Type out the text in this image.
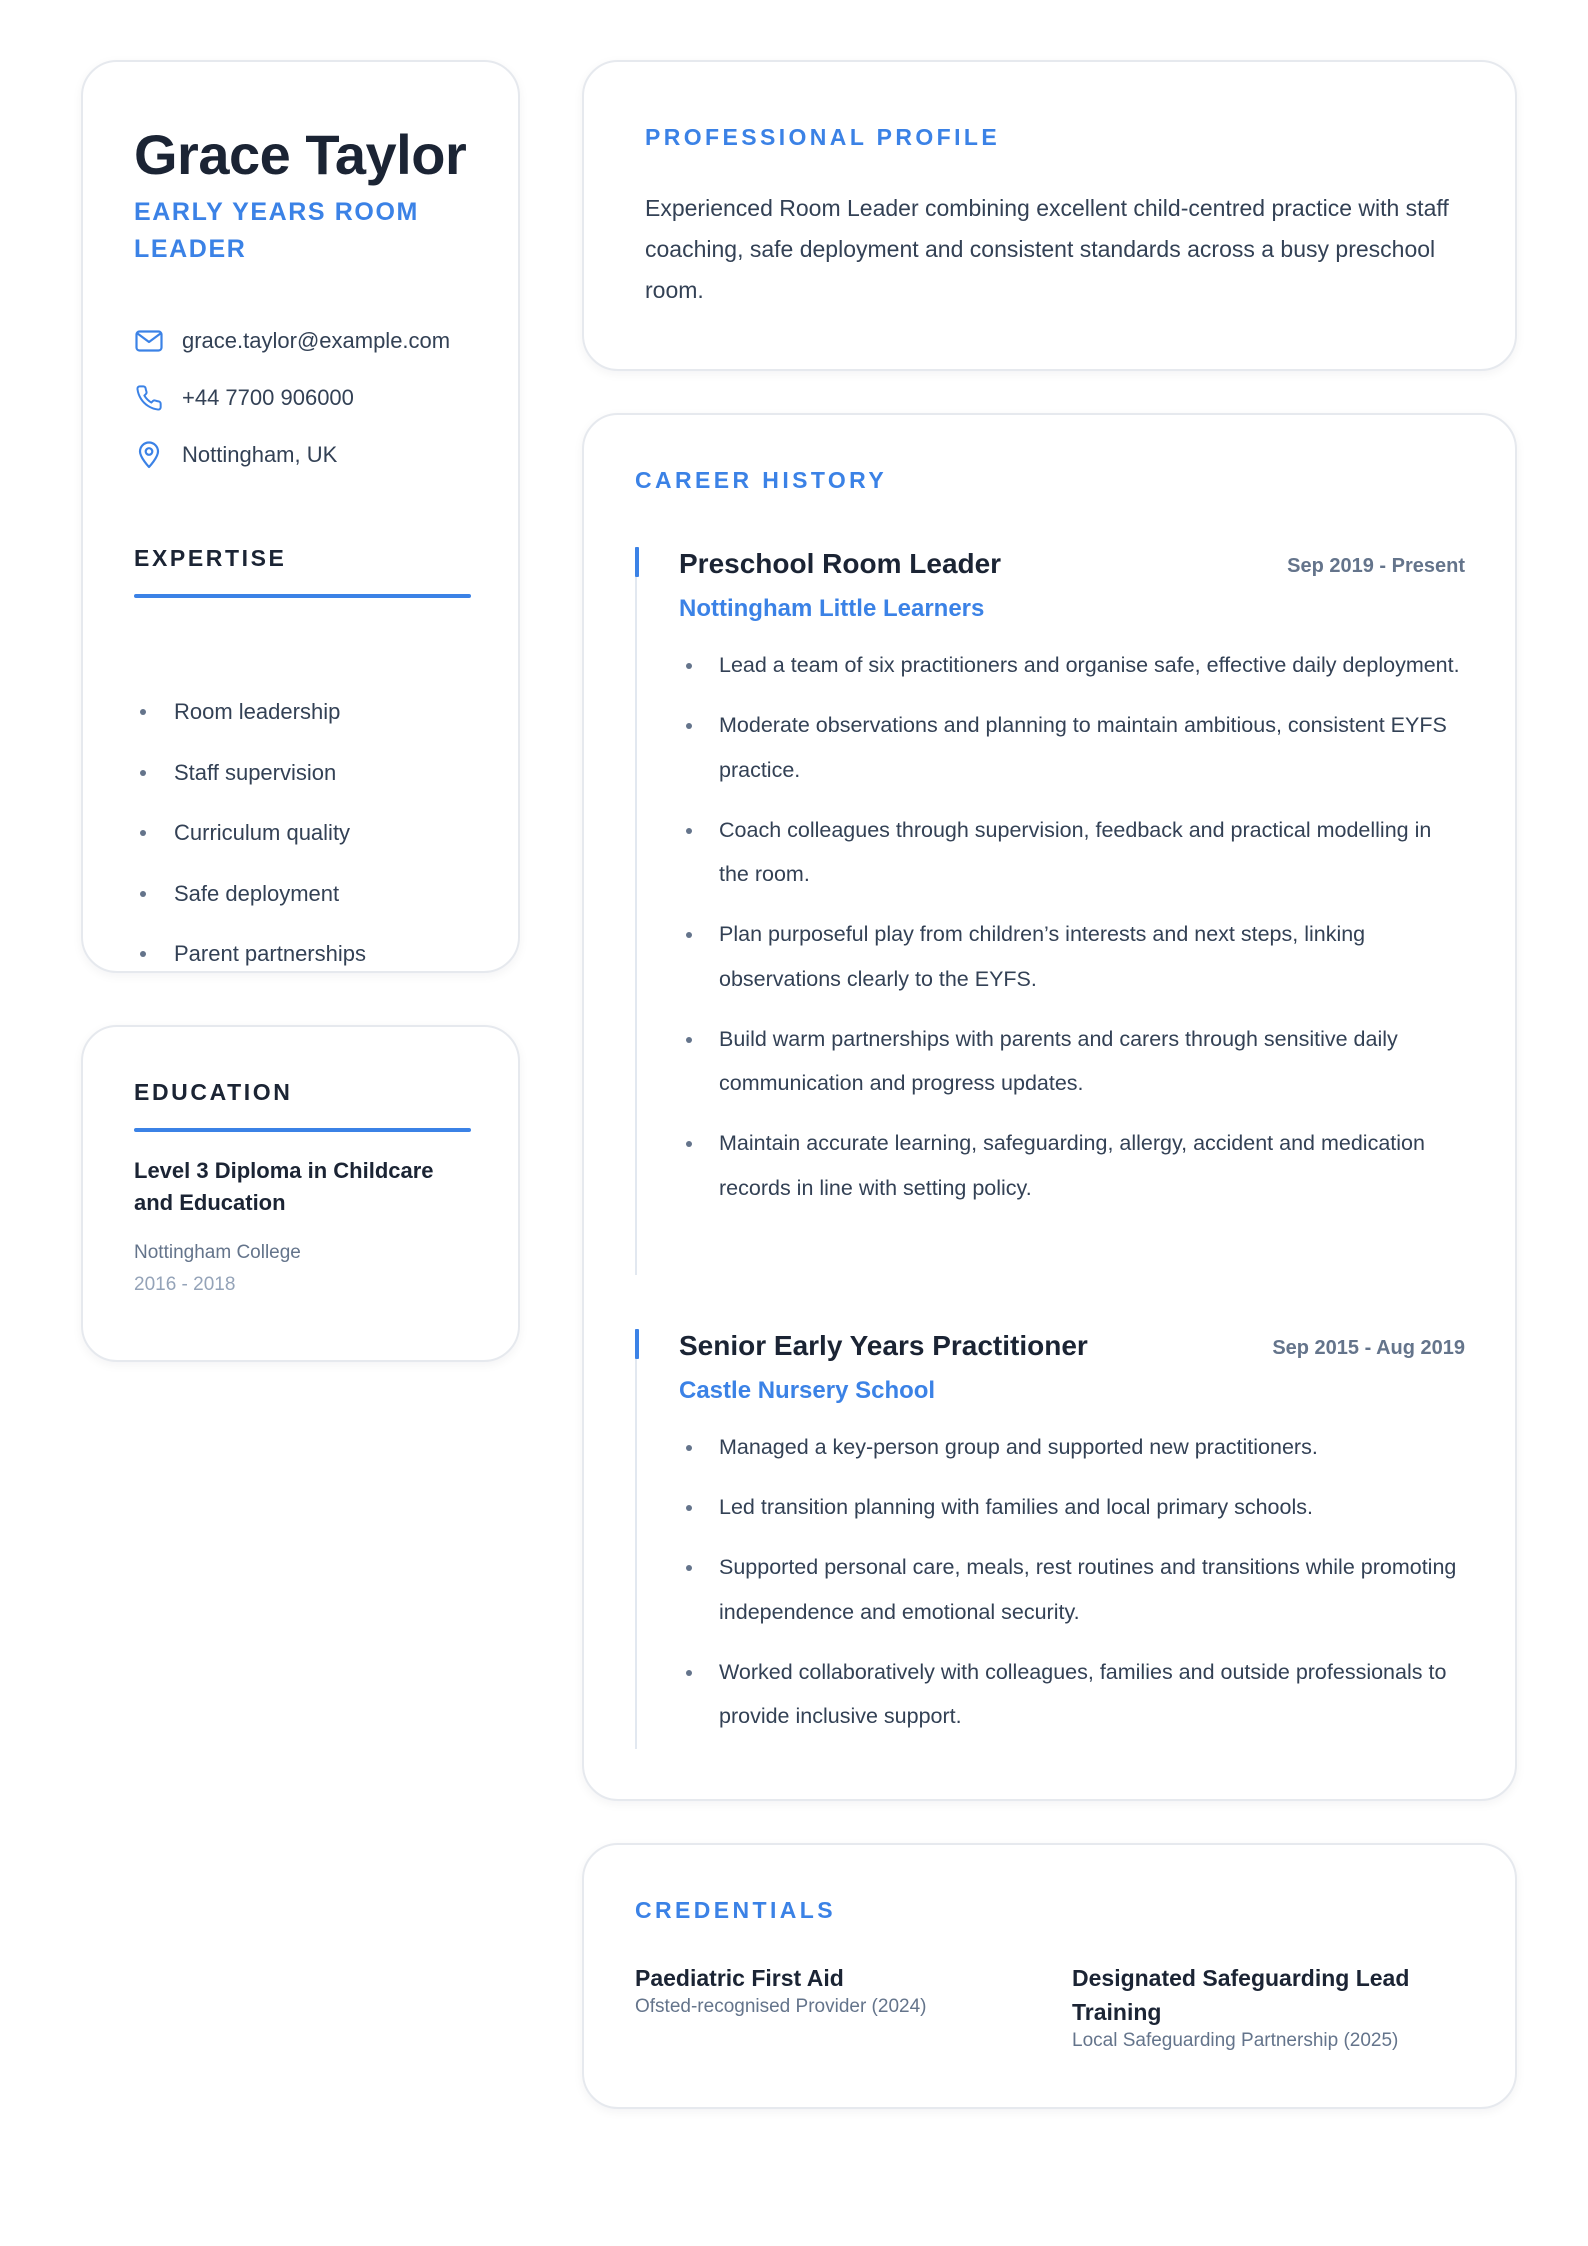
Grace Taylor
EARLY YEARS ROOM LEADER
grace.taylor@example.com
+44 7700 906000
Nottingham, UK
EXPERTISE
Room leadership
Staff supervision
Curriculum quality
Safe deployment
Parent partnerships
EDUCATION
Level 3 Diploma in Childcare and Education
Nottingham College
2016 - 2018
PROFESSIONAL PROFILE

Experienced Room Leader combining excellent child-centred practice with staff coaching, safe deployment and consistent standards across a busy preschool room.

CAREER HISTORY
Preschool Room Leader	Sep 2019 - Present
Nottingham Little Learners
Lead a team of six practitioners and organise safe, effective daily deployment.
Moderate observations and planning to maintain ambitious, consistent EYFS practice.
Coach colleagues through supervision, feedback and practical modelling in the room.
Plan purposeful play from children’s interests and next steps, linking observations clearly to the EYFS.
Build warm partnerships with parents and carers through sensitive daily communication and progress updates.
Maintain accurate learning, safeguarding, allergy, accident and medication records in line with setting policy.
Senior Early Years Practitioner	Sep 2015 - Aug 2019
Castle Nursery School
Managed a key-person group and supported new practitioners.
Led transition planning with families and local primary schools.
Supported personal care, meals, rest routines and transitions while promoting independence and emotional security.
Worked collaboratively with colleagues, families and outside professionals to provide inclusive support.
CREDENTIALS
Paediatric First Aid
Ofsted-recognised Provider (2024)
Designated Safeguarding Lead Training
Local Safeguarding Partnership (2025)
